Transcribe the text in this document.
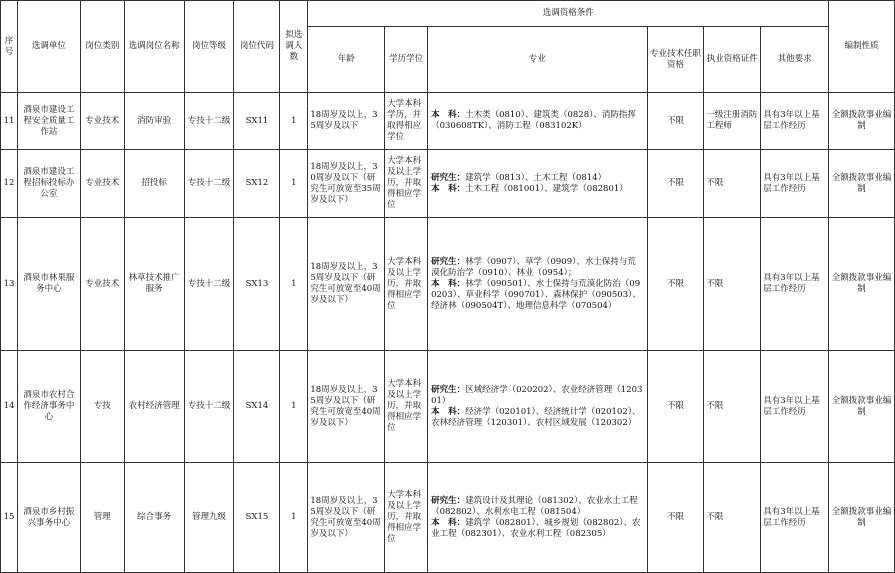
序号	选调单位	岗位类别	选调岗位名称	岗位等级	岗位代码	拟选调人数	选调资格条件						编制性质
							年龄	学历学位	专业	专业技术任职资格	执业资格证件	其他要求	
11	酒泉市建设工程安全质量工作站	专业技术	消防审验	专技十二级	SX11	1	18周岁及以上，35周岁及以下	大学本科学历，并取得相应学位	本　科：土木类（0810）、建筑类（0828）、消防指挥（030608TK）、消防工程（083102K）	不限	一级注册消防工程师	具有3年以上基层工作经历	全额拨款事业编制
12	酒泉市建设工程招标投标办公室	专业技术	招投标	专技十二级	SX12	1	18周岁及以上，30周岁及以下（研究生可放宽至35周岁及以下）	大学本科及以上学历，并取得相应学位	研究生：建筑学（0813）、土木工程（0814）
本　科：土木工程（081001）、建筑学（082801）	不限	不限	具有3年以上基层工作经历	全额拨款事业编制
13	酒泉市林果服务中心	专业技术	林草技术推广服务	专技十二级	SX13	1	18周岁及以上，35周岁及以下（研究生可放宽至40周岁及以下）	大学本科及以上学历，并取得相应学位	研究生：林学（0907）、草学（0909）、水土保持与荒漠化防治学（0910）、林业（0954）；
本　科：林学（090501）、水土保持与荒漠化防治（090203）、草业科学（090701）、森林保护（090503）、经济林（090504T）、地理信息科学（070504）	不限	不限	具有3年以上基层工作经历	全额拨款事业编制
14	酒泉市农村合作经济事务中心	专技	农村经济管理	专技十二级	SX14	1	18周岁及以上，35周岁及以下（研究生可放宽至40周岁及以下）	大学本科及以上学历，并取得相应学位	研究生：区域经济学（020202）、农业经济管理（120301）
本　科：经济学（020101）、经济统计学（020102）、农林经济管理（120301）、农村区域发展（120302）	不限	不限	具有3年以上基层工作经历	全额拨款事业编制
15	酒泉市乡村振兴事务中心	管理	综合事务	管理九级	SX15	1	18周岁及以上，35周岁及以下（研究生可放宽至40周岁及以下）	大学本科及以上学历，并取得相应学位	研究生：建筑设计及其理论（081302）、农业水土工程（082802）、水利水电工程（081504）
本　科：建筑学（082801）、城乡规划（082802）、农业工程（082301）、农业水利工程（082305）	不限	不限	具有3年以上基层工作经历	全额拨款事业编制
